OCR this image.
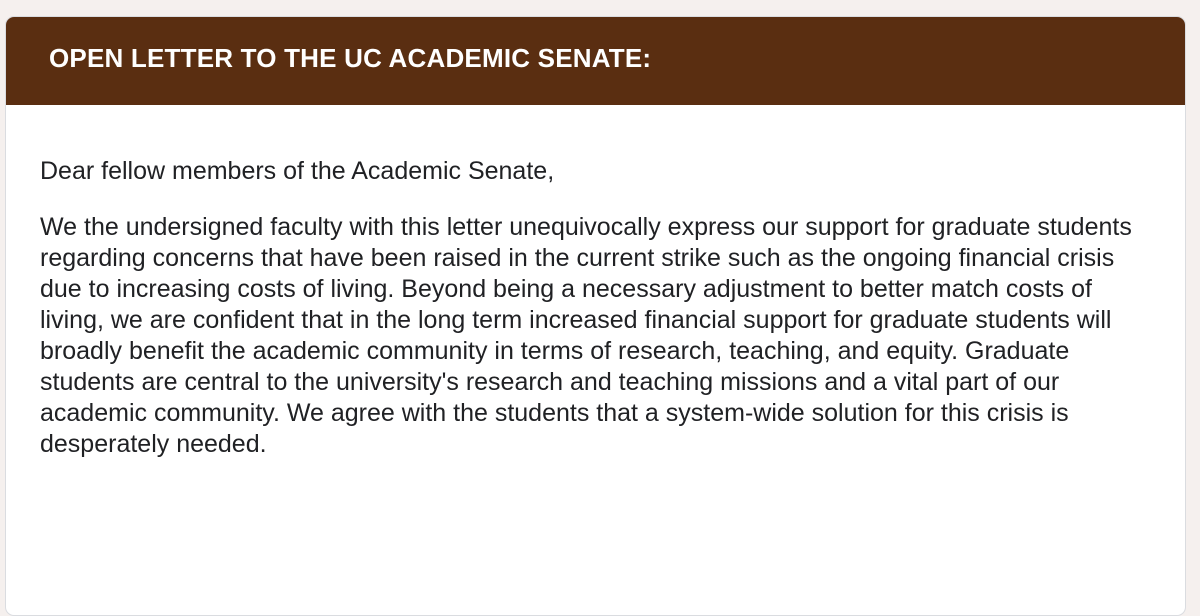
OPEN LETTER TO THE UC ACADEMIC SENATE:

Dear fellow members of the Academic Senate,

We the undersigned faculty with this letter unequivocally express our support for graduate students regarding concerns that have been raised in the current strike such as the ongoing financial crisis due to increasing costs of living. Beyond being a necessary adjustment to better match costs of living, we are confident that in the long term increased financial support for graduate students will broadly benefit the academic community in terms of research, teaching, and equity. Graduate students are central to the university's research and teaching missions and a vital part of our academic community. We agree with the students that a system-wide solution for this crisis is desperately needed.
